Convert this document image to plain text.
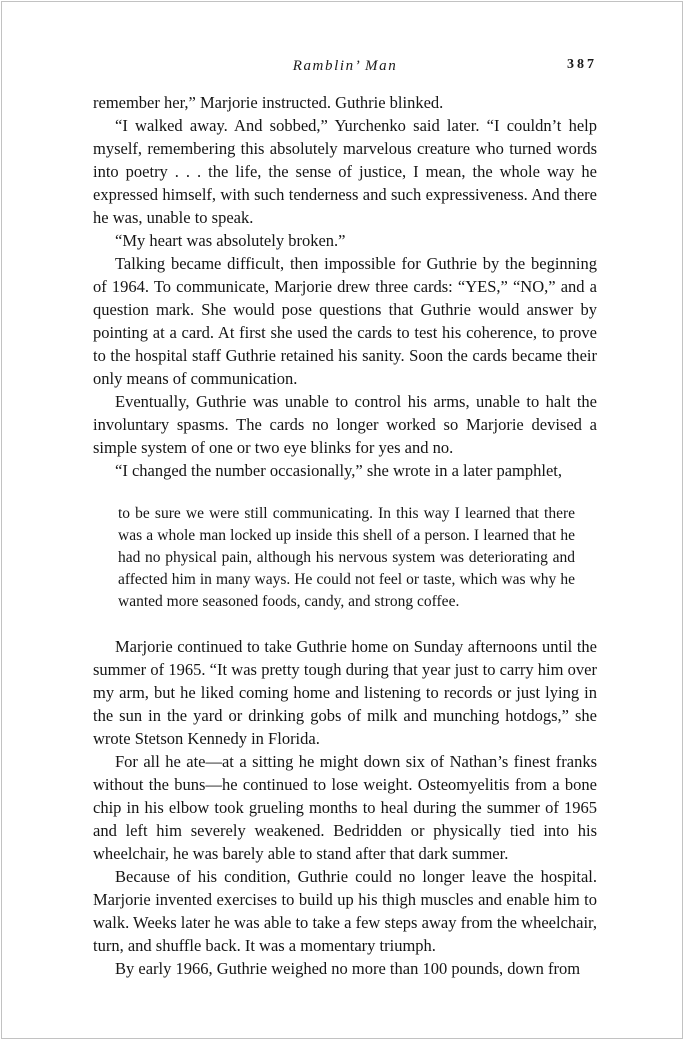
Ramblin’ Man	387

remember her,” Marjorie instructed. Guthrie blinked.

“I walked away. And sobbed,” Yurchenko said later. “I couldn’t help myself, remembering this absolutely marvelous creature who turned words into poetry . . . the life, the sense of justice, I mean, the whole way he expressed himself, with such tenderness and such expressiveness. And there he was, unable to speak.

“My heart was absolutely broken.”

Talking became difficult, then impossible for Guthrie by the beginning of 1964. To communicate, Marjorie drew three cards: “YES,” “NO,” and a question mark. She would pose questions that Guthrie would answer by pointing at a card. At first she used the cards to test his coherence, to prove to the hospital staff Guthrie retained his sanity. Soon the cards became their only means of communication.

Eventually, Guthrie was unable to control his arms, unable to halt the involuntary spasms. The cards no longer worked so Marjorie devised a simple system of one or two eye blinks for yes and no.

“I changed the number occasionally,” she wrote in a later pamphlet,

to be sure we were still communicating. In this way I learned that there was a whole man locked up inside this shell of a person. I learned that he had no physical pain, although his nervous system was deteriorating and affected him in many ways. He could not feel or taste, which was why he wanted more seasoned foods, candy, and strong coffee.

Marjorie continued to take Guthrie home on Sunday afternoons until the summer of 1965. “It was pretty tough during that year just to carry him over my arm, but he liked coming home and listening to records or just lying in the sun in the yard or drinking gobs of milk and munching hotdogs,” she wrote Stetson Kennedy in Florida.

For all he ate—at a sitting he might down six of Nathan’s finest franks without the buns—he continued to lose weight. Osteomyelitis from a bone chip in his elbow took grueling months to heal during the summer of 1965 and left him severely weakened. Bedridden or physically tied into his wheelchair, he was barely able to stand after that dark summer.

Because of his condition, Guthrie could no longer leave the hospital. Marjorie invented exercises to build up his thigh muscles and enable him to walk. Weeks later he was able to take a few steps away from the wheelchair, turn, and shuffle back. It was a momentary triumph.

By early 1966, Guthrie weighed no more than 100 pounds, down from
